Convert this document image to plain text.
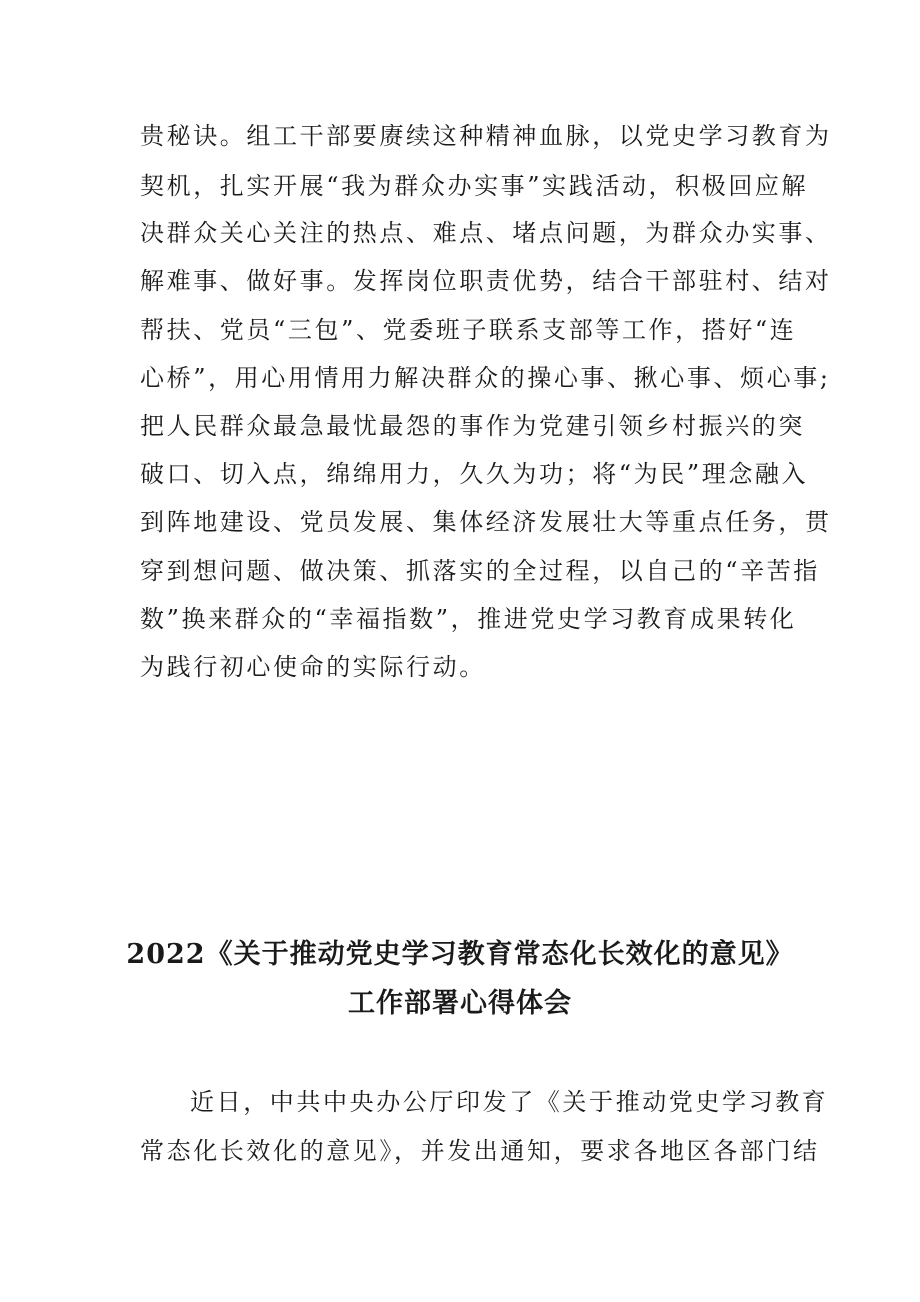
贵秘诀。组工干部要赓续这种精神血脉，以党史学习教育为
契机，扎实开展“我为群众办实事”实践活动，积极回应解
决群众关心关注的热点、难点、堵点问题，为群众办实事、
解难事、做好事。发挥岗位职责优势，结合干部驻村、结对
帮扶、党员“三包”、党委班子联系支部等工作，搭好“连
心桥”，用心用情用力解决群众的操心事、揪心事、烦心事;
把人民群众最急最忧最怨的事作为党建引领乡村振兴的突
破口、切入点，绵绵用力，久久为功；将“为民”理念融入
到阵地建设、党员发展、集体经济发展壮大等重点任务，贯
穿到想问题、做决策、抓落实的全过程，以自己的“辛苦指
数”换来群众的“幸福指数”，推进党史学习教育成果转化
为践行初心使命的实际行动。
2022《关于推动党史学习教育常态化长效化的意见》
工作部署心得体会
近日，中共中央办公厅印发了《关于推动党史学习教育
常态化长效化的意见》，并发出通知，要求各地区各部门结
